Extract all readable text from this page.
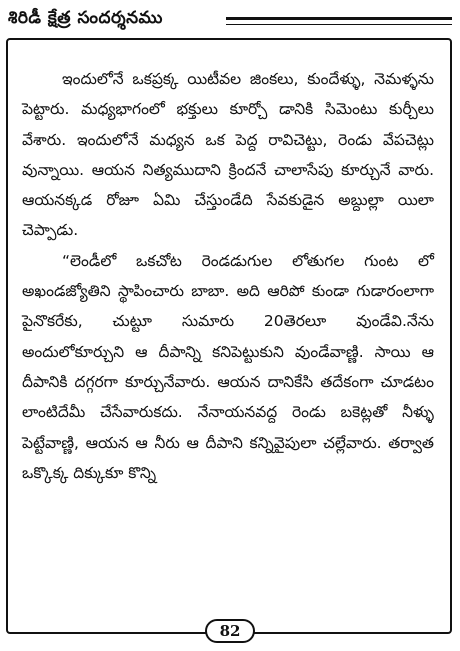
శిరిడీ క్షేత్ర సందర్శనము

ఇందులోనే ఒకప్రక్క యిటీవల జింకలు, కుందేళ్ళు, నెమళ్ళను పెట్టారు. మధ్యభాగంలో భక్తులు కూర్చో డానికి సిమెంటు కుర్చీలు వేశారు. ఇందులోనే మధ్యన ఒక పెద్ద రావిచెట్టు, రెండు వేపచెట్లు వున్నాయి. ఆయన నిత్యముదాని క్రిందనే చాలాసేపు కూర్చునే వారు. ఆయనక్కడ రోజూ ఏమి చేస్తుండేది సేవకుడైన అబ్దుల్లా యిలా చెప్పాడు.

“లెండీలో ఒకచోట రెండడుగుల లోతుగల గుంట లో అఖండజ్యోతిని స్థాపించారు బాబా. అది ఆరిపో కుండా గుడారంలాగా పైనొకరేకు, చుట్టూ సుమారు 20తెరలూ వుండేవి.నేను అందులోకూర్చుని ఆ దీపాన్ని కనిపెట్టుకుని వుండేవాణ్ణి. సాయి ఆ దీపానికి దగ్గరగా కూర్చునేవారు. ఆయన దానికేసి తదేకంగా చూడటం లాంటిదేమీ చేసేవారుకదు. నేనాయనవద్ద రెండు బకెట్లతో నీళ్ళు పెట్టేవాణ్ణి, ఆయన ఆ నీరు ఆ దీపాని కన్నివైపులా చల్లేవారు. తర్వాత ఒక్కొక్క దిక్కుకూ కొన్ని

82
